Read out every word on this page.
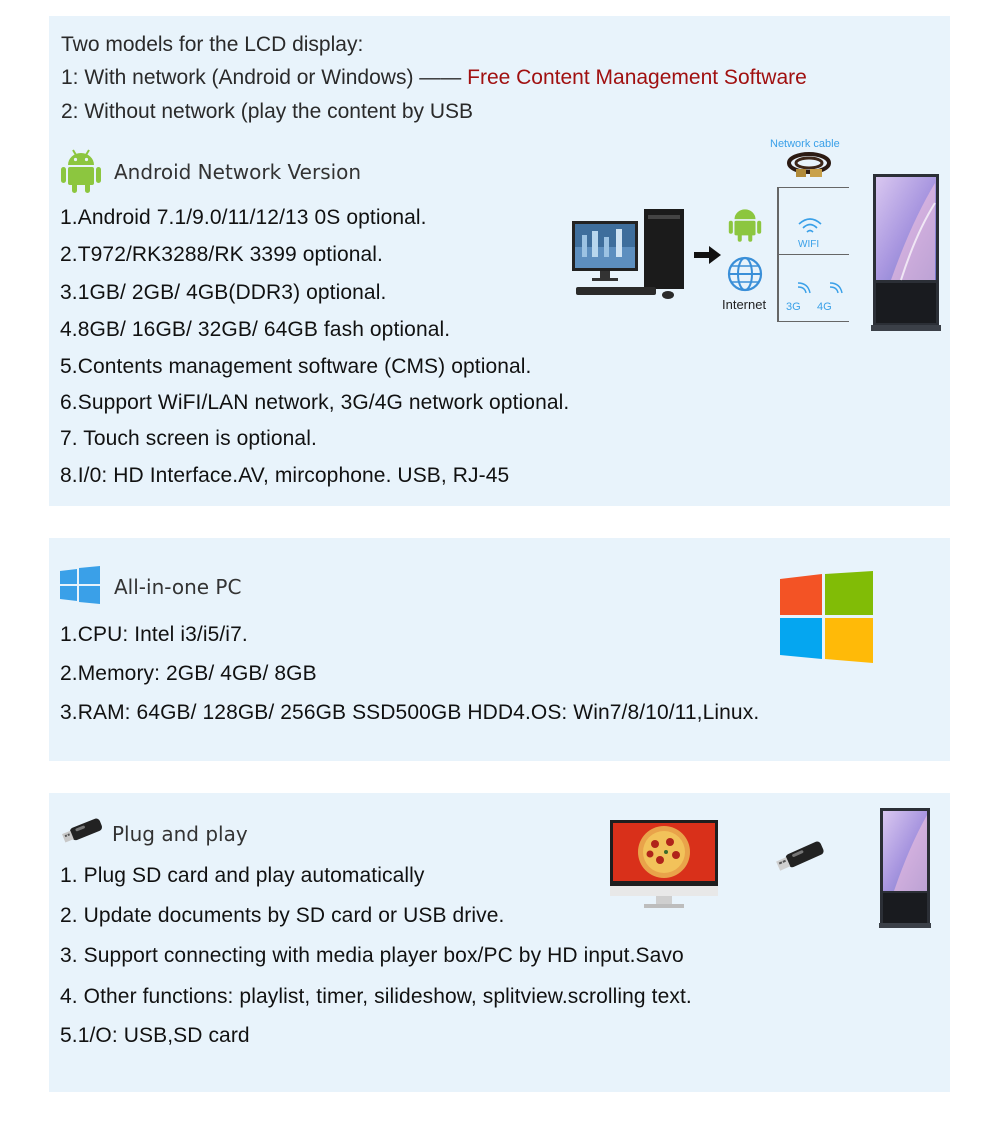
Two models for the LCD display:
1: With network (Android or Windows) —— Free Content Management Software
2: Without network (play the content by USB
Android Network Version
1.Android 7.1/9.0/11/12/13 0S optional.
2.T972/RK3288/RK 3399 optional.
3.1GB/ 2GB/ 4GB(DDR3) optional.
4.8GB/ 16GB/ 32GB/ 64GB fash optional.
5.Contents management software (CMS) optional.
6.Support WiFI/LAN network, 3G/4G network optional.
7. Touch screen is optional.
8.I/0: HD Interface.AV, mircophone. USB, RJ-45
Internet
Network cable
WIFI
3G 4G
All-in-one PC
1.CPU: Intel i3/i5/i7.
2.Memory: 2GB/ 4GB/ 8GB
3.RAM: 64GB/ 128GB/ 256GB SSD500GB HDD4.OS: Win7/8/10/11,Linux.
Plug and play
1. Plug SD card and play automatically
2. Update documents by SD card or USB drive.
3. Support connecting with media player box/PC by HD input.Savo
4. Other functions: playlist, timer, silideshow, splitview.scrolling text.
5.1/O: USB,SD card
